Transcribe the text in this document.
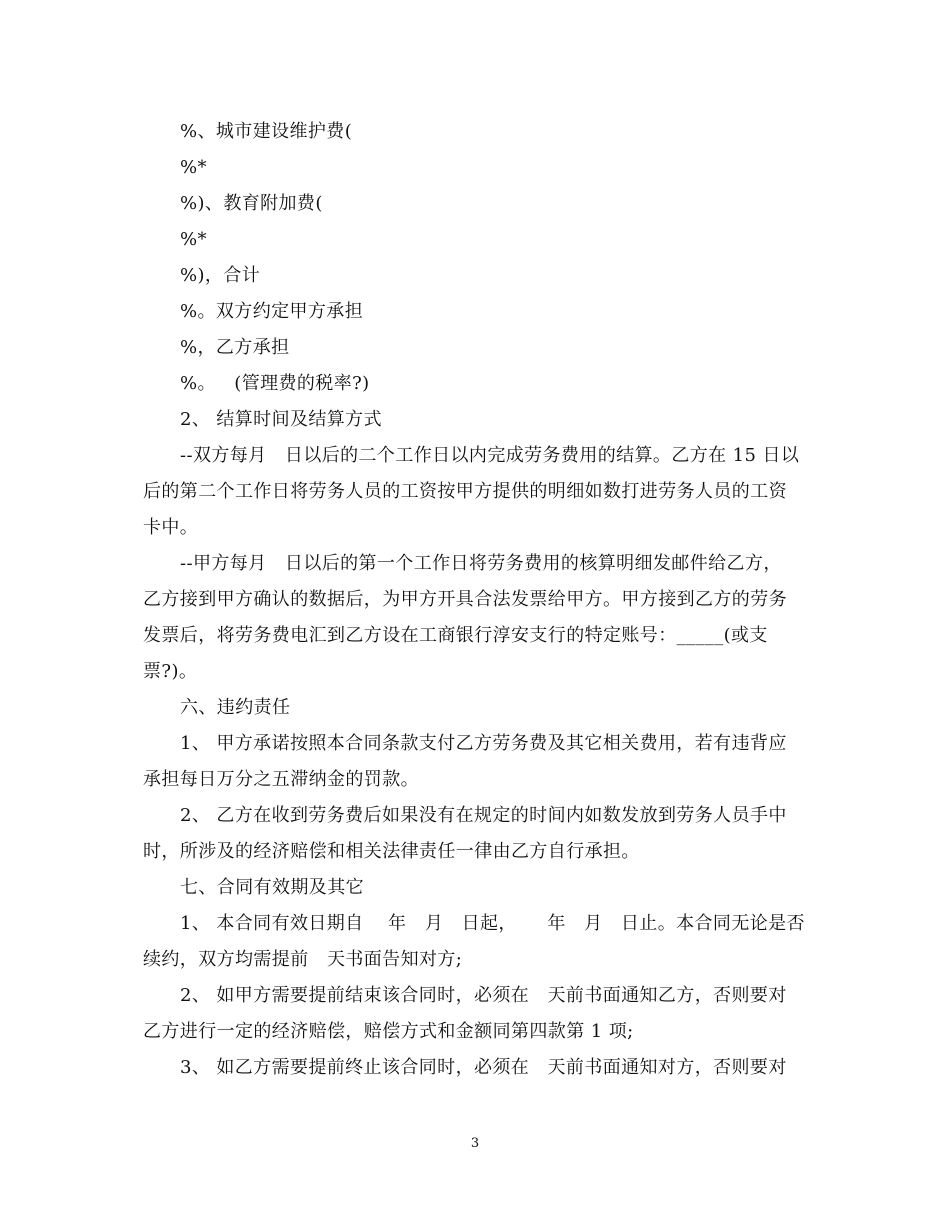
%、城市建设维护费(
%*
%)、教育附加费(
%*
%)，合计
%。双方约定甲方承担
%，乙方承担
%。   (管理费的税率?)
2、 结算时间及结算方式
--双方每月   日以后的二个工作日以内完成劳务费用的结算。乙方在 15 日以
后的第二个工作日将劳务人员的工资按甲方提供的明细如数打进劳务人员的工资
卡中。
--甲方每月   日以后的第一个工作日将劳务费用的核算明细发邮件给乙方，
乙方接到甲方确认的数据后，为甲方开具合法发票给甲方。甲方接到乙方的劳务
发票后，将劳务费电汇到乙方设在工商银行淳安支行的特定账号：_____(或支
票?)。
六、违约责任
1、 甲方承诺按照本合同条款支付乙方劳务费及其它相关费用，若有违背应
承担每日万分之五滞纳金的罚款。
2、 乙方在收到劳务费后如果没有在规定的时间内如数发放到劳务人员手中
时，所涉及的经济赔偿和相关法律责任一律由乙方自行承担。
七、合同有效期及其它
1、 本合同有效日期自    年   月   日起，     年   月   日止。本合同无论是否
续约，双方均需提前   天书面告知对方;
2、 如甲方需要提前结束该合同时，必须在   天前书面通知乙方，否则要对
乙方进行一定的经济赔偿，赔偿方式和金额同第四款第 1 项;
3、 如乙方需要提前终止该合同时，必须在   天前书面通知对方，否则要对
3
